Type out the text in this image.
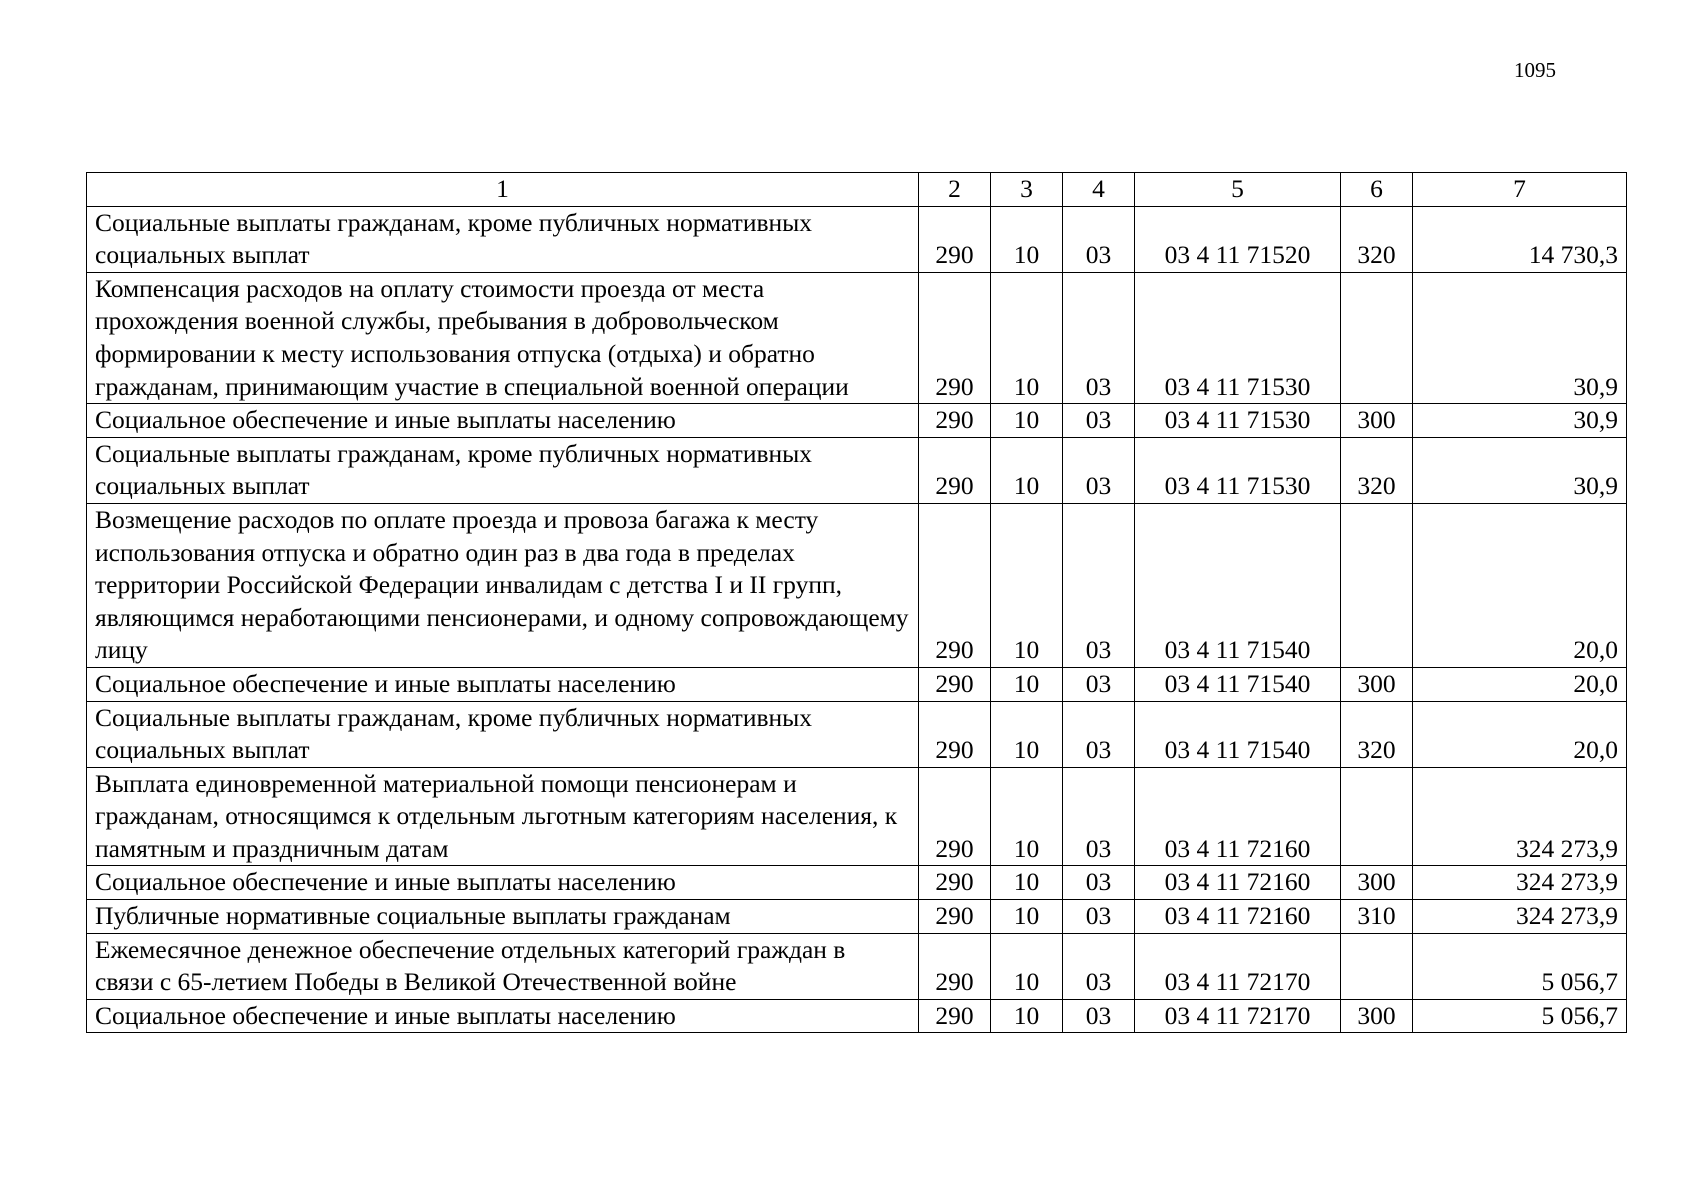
1095
1	2	3	4	5	6	7
Социальные выплаты гражданам, кроме публичных нормативных социальных выплат	290	10	03	03 4 11 71520	320	14 730,3
Компенсация расходов на оплату стоимости проезда от места прохождения военной службы, пребывания в добровольческом формировании к месту использования отпуска (отдыха) и обратно гражданам, принимающим участие в специальной военной операции	290	10	03	03 4 11 71530		30,9
Социальное обеспечение и иные выплаты населению	290	10	03	03 4 11 71530	300	30,9
Социальные выплаты гражданам, кроме публичных нормативных социальных выплат	290	10	03	03 4 11 71530	320	30,9
Возмещение расходов по оплате проезда и провоза багажа к месту использования отпуска и обратно один раз в два года в пределах территории Российской Федерации инвалидам с детства I и II групп, являющимся неработающими пенсионерами, и одному сопровождающему лицу	290	10	03	03 4 11 71540		20,0
Социальное обеспечение и иные выплаты населению	290	10	03	03 4 11 71540	300	20,0
Социальные выплаты гражданам, кроме публичных нормативных социальных выплат	290	10	03	03 4 11 71540	320	20,0
Выплата единовременной материальной помощи пенсионерам и гражданам, относящимся к отдельным льготным категориям населения, к памятным и праздничным датам	290	10	03	03 4 11 72160		324 273,9
Социальное обеспечение и иные выплаты населению	290	10	03	03 4 11 72160	300	324 273,9
Публичные нормативные социальные выплаты гражданам	290	10	03	03 4 11 72160	310	324 273,9
Ежемесячное денежное обеспечение отдельных категорий граждан в связи с 65-летием Победы в Великой Отечественной войне	290	10	03	03 4 11 72170		5 056,7
Социальное обеспечение и иные выплаты населению	290	10	03	03 4 11 72170	300	5 056,7
